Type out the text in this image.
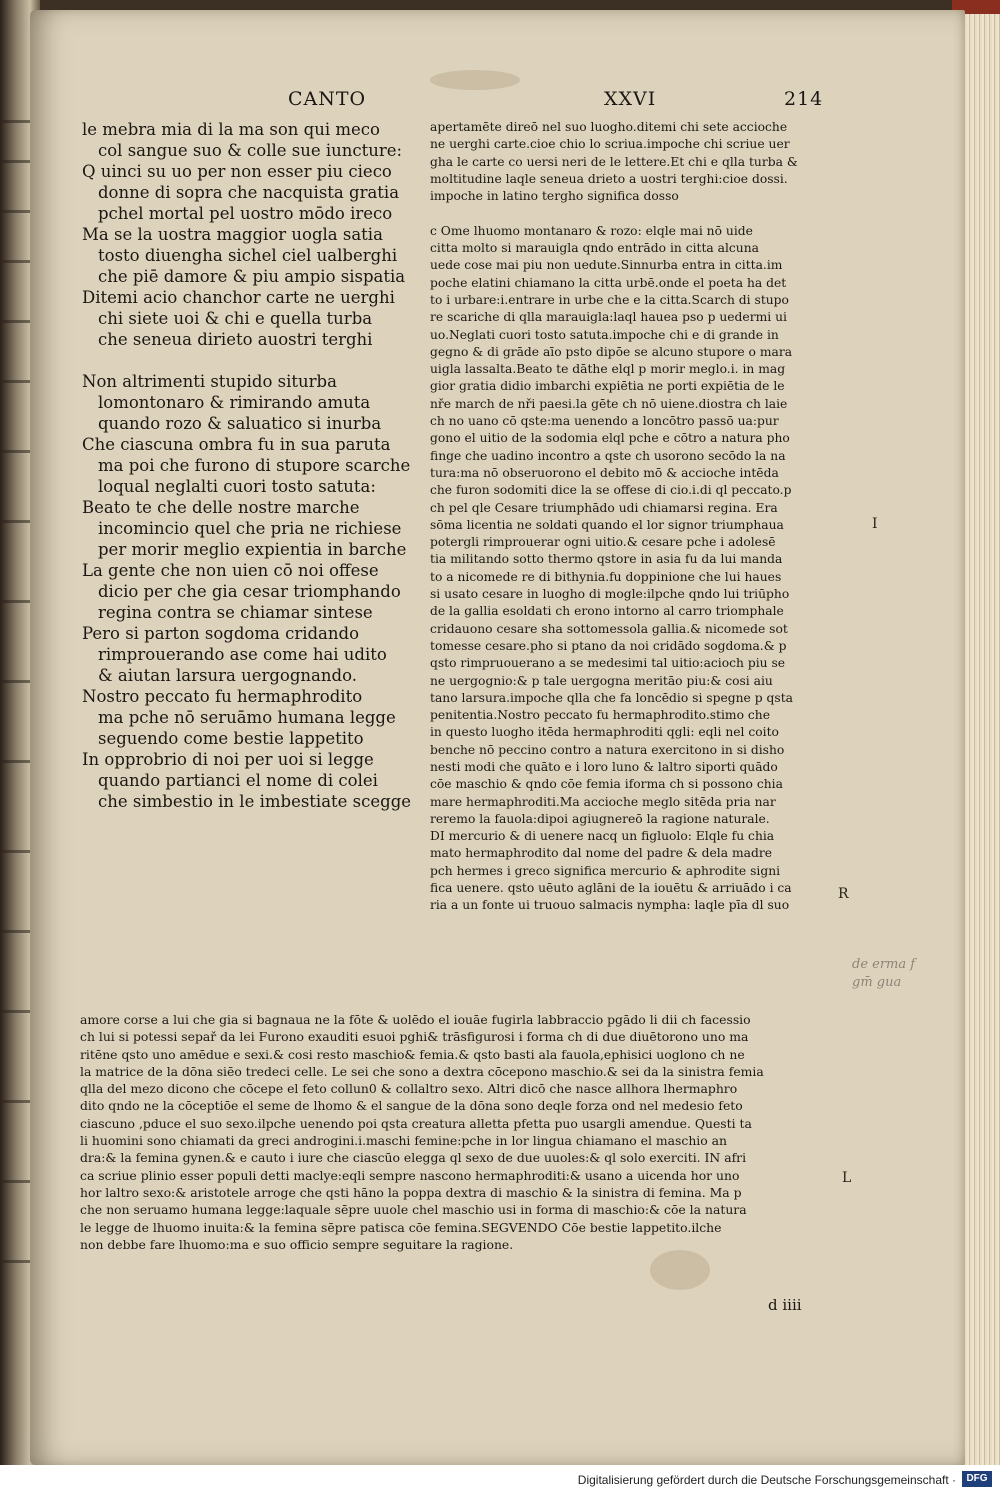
CANTO	XXVI	214
le mebra mia di la ma son qui meco
col sangue suo & colle sue iuncture:
Q uinci su uo per non esser piu cieco
donne di sopra che nacquista gratia
pchel mortal pel uostro mōdo ireco
Ma se la uostra maggior uogla satia
tosto diuengha sichel ciel ualberghi
che piē damore & piu ampio sispatia
Ditemi acio chanchor carte ne uerghi
chi siete uoi & chi e quella turba
che seneua dirieto auostri terghi
Non altrimenti stupido siturba
lomontonaro & rimirando amuta
quando rozo & saluatico si inurba
Che ciascuna ombra fu in sua paruta
ma poi che furono di stupore scarche
loqual neglalti cuori tosto satuta:
Beato te che delle nostre marche
incomincio quel che pria ne richiese
per morir meglio expientia in barche
La gente che non uien cō noi offese
dicio per che gia cesar triomphando
regina contra se chiamar sintese
Pero si parton sogdoma cridando
rimprouerando ase come hai udito
& aiutan larsura uergognando.
Nostro peccato fu hermaphrodito
ma pche nō seruāmo humana legge
seguendo come bestie lappetito
In opprobrio di noi per uoi si legge
quando partianci el nome di colei
che simbestio in le imbestiate scegge
apertamēte direō nel suo luogho.ditemi chi sete accioche
ne uerghi carte.cioe chio lo scriua.impoche chi scriue uer
gha le carte co uersi neri de le lettere.Et chi e qlla turba &
moltitudine laqle seneua drieto a uostri terghi:cioe dossi.
impoche in latino tergho significa dosso
c Ome lhuomo montanaro & rozo: elqle mai nō uide
citta molto si marauigla qndo entrādo in citta alcuna
uede cose mai piu non uedute.Sinnurba entra in citta.im
poche elatini chiamano la citta urbē.onde el poeta ha det
to i urbare:i.entrare in urbe che e la citta.Scarch di stupo
re scariche di qlla marauigla:laql hauea pso p uedermi ui
uo.Neglati cuori tosto satuta.impoche chi e di grande in
gegno & di grāde aīo psto dipōe se alcuno stupore o mara
uigla lassalta.Beato te dāthe elql p morir meglo.i. in mag
gior gratia didio imbarchi expiētia ne porti expiētia de le
nře march de nři paesi.la gēte ch nō uiene.diostra ch laie
ch no uano cō qste:ma uenendo a loncōtro passō ua:pur
gono el uitio de la sodomia elql pche e cōtro a natura pho
finge che uadino incontro a qste ch usorono secōdo la na
tura:ma nō obseruorono el debito mō & accioche intēda
che furon sodomiti dice la se offese di cio.i.di ql peccato.p
ch pel qle Cesare triumphādo udi chiamarsi regina. Era
sōma licentia ne soldati quando el lor signor triumphaua
potergli rimprouerar ogni uitio.& cesare pche i adolesē
tia militando sotto thermo qstore in asia fu da lui manda
to a nicomede re di bithynia.fu doppinione che lui haues
si usato cesare in luogho di mogle:ilpche qndo lui triūpho
de la gallia esoldati ch erono intorno al carro triomphale
cridauono cesare sha sottomessola gallia.& nicomede sot
tomesse cesare.pho si ptano da noi cridādo sogdoma.& p
qsto rimpruouerano a se medesimi tal uitio:acioch piu se
ne uergognio:& p tale uergogna meritāo piu:& cosi aiu
tano larsura.impoche qlla che fa loncēdio si spegne p qsta
penitentia.Nostro peccato fu hermaphrodito.stimo che
in questo luogho itēda hermaphroditi qgli: eqli nel coito
benche nō peccino contro a natura exercitono in si disho
nesti modi che quāto e i loro luno & laltro siporti quādo
cōe maschio & qndo cōe femia iforma ch si possono chia
mare hermaphroditi.Ma accioche meglo sitēda pria nar
reremo la fauola:dipoi agiugnereō la ragione naturale.
DI mercurio & di uenere nacq un figluolo: Elqle fu chia
mato hermaphrodito dal nome del padre & dela madre
pch hermes i greco significa mercurio & aphrodite signi
fica uenere. qsto uēuto aglāni de la iouētu & arriuādo i ca
ria a un fonte ui truouo salmacis nympha: laqle pīa dl suo
amore corse a lui che gia si bagnaua ne la fōte & uolēdo el iouāe fugirla labbraccio pgādo li dii ch facessio
ch lui si potessi sepař da lei Furono exauditi esuoi pghi& trāsfigurosi i forma ch di due diuētorono uno ma
ritēne qsto uno amēdue e sexi.& cosi resto maschio& femia.& qsto basti ala fauola,ephisici uoglono ch ne
la matrice de la dōna siēo tredeci celle. Le sei che sono a dextra cōcepono maschio.& sei da la sinistra femia
qlla del mezo dicono che cōcepe el feto collun0 & collaltro sexo. Altri dicō che nasce allhora lhermaphro
dito qndo ne la cōceptiōe el seme de lhomo & el sangue de la dōna sono deqle forza ond nel medesio feto
ciascuno ,pduce el suo sexo.ilpche uenendo poi qsta creatura alletta pfetta puo usargli amendue. Questi ta
li huomini sono chiamati da greci androgini.i.maschi femine:pche in lor lingua chiamano el maschio an
dra:& la femina gynen.& e cauto i iure che ciascūo elegga ql sexo de due uuoles:& ql solo exerciti. IN afri
ca scriue plinio esser populi detti maclye:eqli sempre nascono hermaphroditi:& usano a uicenda hor uno
hor laltro sexo:& aristotele arroge che qsti hāno la poppa dextra di maschio & la sinistra di femina. Ma p
che non seruamo humana legge:laquale sēpre uuole chel maschio usi in forma di maschio:& cōe la natura
le legge de lhuomo inuita:& la femina sēpre patisca cōe femina.SEGVENDO Cōe bestie lappetito.ilche
non debbe fare lhuomo:ma e suo officio sempre seguitare la ragione.
d iiii
I
R
L
de erma f
gm̄ gua
Digitalisierung gefördert durch die Deutsche Forschungsgemeinschaft ·	DFG
